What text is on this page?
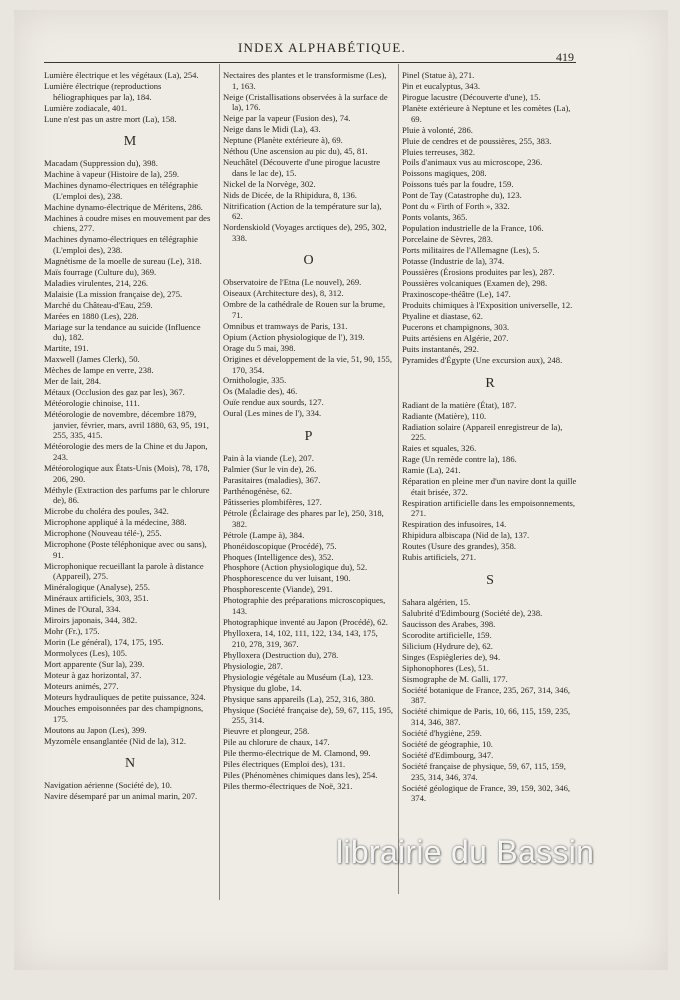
INDEX ALPHABÉTIQUE.
419

Lumière électrique et les végétaux (La), 254.

Lumière électrique (reproductions héliographiques par la), 184.

Lumière zodiacale, 401.

Lune n'est pas un astre mort (La), 158.

M

Macadam (Suppression du), 398.

Machine à vapeur (Histoire de la), 259.

Machines dynamo-électriques en télégraphie (L'emploi des), 238.

Machine dynamo-électrique de Méritens, 286.

Machines à coudre mises en mouvement par des chiens, 277.

Machines dynamo-électriques en télégraphie (L'emploi des), 238.

Magnétisme de la moelle de sureau (Le), 318.

Maïs fourrage (Culture du), 369.

Maladies virulentes, 214, 226.

Malaisie (La mission française de), 275.

Marché du Château-d'Eau, 259.

Marées en 1880 (Les), 228.

Mariage sur la tendance au suicide (Influence du), 182.

Martite, 191.

Maxwell (James Clerk), 50.

Mèches de lampe en verre, 238.

Mer de lait, 284.

Métaux (Occlusion des gaz par les), 367.

Météorologie chinoise, 111.

Météorologie de novembre, décembre 1879, janvier, février, mars, avril 1880, 63, 95, 191, 255, 335, 415.

Météorologie des mers de la Chine et du Japon, 243.

Météorologique aux États-Unis (Mois), 78, 178, 206, 290.

Méthyle (Extraction des parfums par le chlorure de), 86.

Microbe du choléra des poules, 342.

Microphone appliqué à la médecine, 388.

Microphone (Nouveau télé-), 255.

Microphone (Poste téléphonique avec ou sans), 91.

Microphonique recueillant la parole à distance (Appareil), 275.

Minéralogique (Analyse), 255.

Minéraux artificiels, 303, 351.

Mines de l'Oural, 334.

Miroirs japonais, 344, 382.

Mohr (Fr.), 175.

Morin (Le général), 174, 175, 195.

Mormolyces (Les), 105.

Mort apparente (Sur la), 239.

Moteur à gaz horizontal, 37.

Moteurs animés, 277.

Moteurs hydrauliques de petite puissance, 324.

Mouches empoisonnées par des champignons, 175.

Moutons au Japon (Les), 399.

Myzomèle ensanglantée (Nid de la), 312.

N

Navigation aérienne (Société de), 10.

Navire désemparé par un animal marin, 207.

Nectaires des plantes et le transformisme (Les), 1, 163.

Neige (Cristallisations observées à la surface de la), 176.

Neige par la vapeur (Fusion des), 74.

Neige dans le Midi (La), 43.

Neptune (Planète extérieure à), 69.

Néthou (Une ascension au pic du), 45, 81.

Neuchâtel (Découverte d'une pirogue lacustre dans le lac de), 15.

Nickel de la Norvège, 302.

Nids de Dicée, de la Rhipidura, 8, 136.

Nitrification (Action de la température sur la), 62.

Nordenskiold (Voyages arctiques de), 295, 302, 338.

O

Observatoire de l'Etna (Le nouvel), 269.

Oiseaux (Architecture des), 8, 312.

Ombre de la cathédrale de Rouen sur la brume, 71.

Omnibus et tramways de Paris, 131.

Opium (Action physiologique de l'), 319.

Orage du 5 mai, 398.

Origines et développement de la vie, 51, 90, 155, 170, 354.

Ornithologie, 335.

Os (Maladie des), 46.

Ouïe rendue aux sourds, 127.

Oural (Les mines de l'), 334.

P

Pain à la viande (Le), 207.

Palmier (Sur le vin de), 26.

Parasitaires (maladies), 367.

Parthénogénèse, 62.

Pâtisseries plombifères, 127.

Pétrole (Éclairage des phares par le), 250, 318, 382.

Pétrole (Lampe à), 384.

Phonéidoscopique (Procédé), 75.

Phoques (Intelligence des), 352.

Phosphore (Action physiologique du), 52.

Phosphorescence du ver luisant, 190.

Phosphorescente (Viande), 291.

Photographie des préparations microscopiques, 143.

Photographique inventé au Japon (Procédé), 62.

Phylloxera, 14, 102, 111, 122, 134, 143, 175, 210, 278, 319, 367.

Phylloxera (Destruction du), 278.

Physiologie, 287.

Physiologie végétale au Muséum (La), 123.

Physique du globe, 14.

Physique sans appareils (La), 252, 316, 380.

Physique (Société française de), 59, 67, 115, 195, 255, 314.

Pieuvre et plongeur, 258.

Pile au chlorure de chaux, 147.

Pile thermo-électrique de M. Clamond, 99.

Piles électriques (Emploi des), 131.

Piles (Phénomènes chimiques dans les), 254.

Piles thermo-électriques de Noë, 321.

Pinel (Statue à), 271.

Pin et eucalyptus, 343.

Pirogue lacustre (Découverte d'une), 15.

Planète extérieure à Neptune et les comètes (La), 69.

Pluie à volonté, 286.

Pluie de cendres et de poussières, 255, 383.

Pluies terreuses, 382.

Poils d'animaux vus au microscope, 236.

Poissons magiques, 208.

Poissons tués par la foudre, 159.

Pont de Tay (Catastrophe du), 123.

Pont du « Firth of Forth », 332.

Ponts volants, 365.

Population industrielle de la France, 106.

Porcelaine de Sèvres, 283.

Ports militaires de l'Allemagne (Les), 5.

Potasse (Industrie de la), 374.

Poussières (Érosions produites par les), 287.

Poussières volcaniques (Examen de), 298.

Praxinoscope-théâtre (Le), 147.

Produits chimiques à l'Exposition universelle, 12.

Ptyaline et diastase, 62.

Pucerons et champignons, 303.

Puits artésiens en Algérie, 207.

Puits instantanés, 292.

Pyramides d'Égypte (Une excursion aux), 248.

R

Radiant de la matière (État), 187.

Radiante (Matière), 110.

Radiation solaire (Appareil enregistreur de la), 225.

Raies et squales, 326.

Rage (Un remède contre la), 186.

Ramie (La), 241.

Réparation en pleine mer d'un navire dont la quille était brisée, 372.

Respiration artificielle dans les empoisonnements, 271.

Respiration des infusoires, 14.

Rhipidura albiscapa (Nid de la), 137.

Routes (Usure des grandes), 358.

Rubis artificiels, 271.

S

Sahara algérien, 15.

Salubrité d'Edimbourg (Société de), 238.

Saucisson des Arabes, 398.

Scorodite artificielle, 159.

Silicium (Hydrure de), 62.

Singes (Espiègleries de), 94.

Siphonophores (Les), 51.

Sismographe de M. Galli, 177.

Société botanique de France, 235, 267, 314, 346, 387.

Société chimique de Paris, 10, 66, 115, 159, 235, 314, 346, 387.

Société d'hygiène, 259.

Société de géographie, 10.

Société d'Edimbourg, 347.

Société française de physique, 59, 67, 115, 159, 235, 314, 346, 374.

Société géologique de France, 39, 159, 302, 346, 374.

librairie du Bassin
